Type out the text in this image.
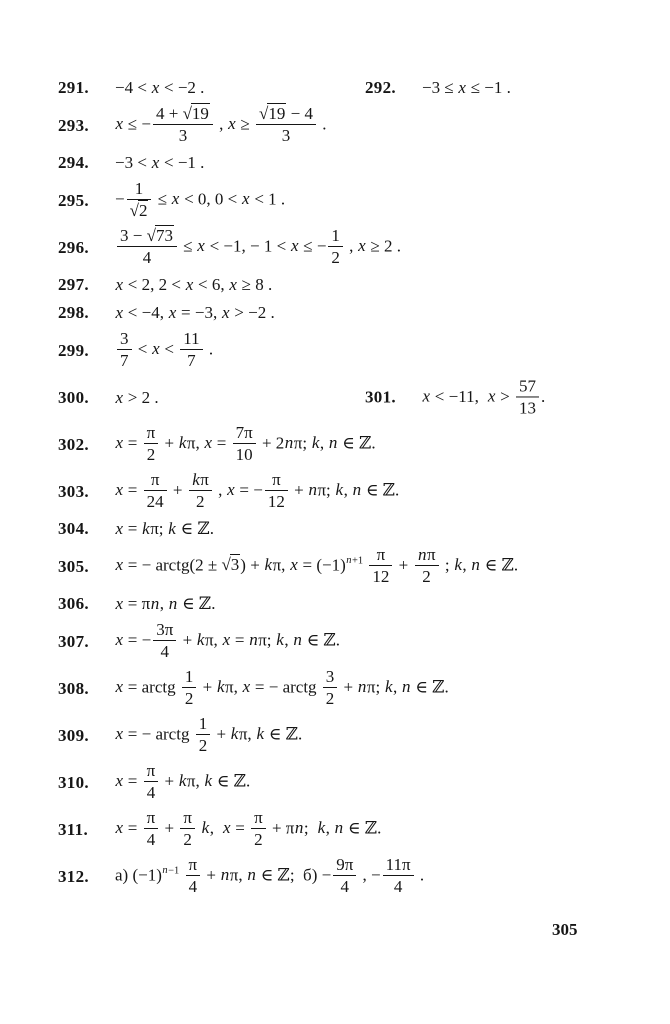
291.	−4 < x < −2 .	292.	−3 ≤ x ≤ −1 .
293.	x ≤ − $\frac{4 + √19}{3}$ , $x \ge \frac{√19 - 4}{3}$ .
294.	−3 < x < −1 .
295.	− $\frac{1}{√2} \le x < 0$, 0 < x < 1 .
296.	$\frac{3 - √73}{4} \le x < -1$, − 1 < x ≤ − $\frac{1}{2}$ , x ≥ 2 .
297.	x < 2, 2 < x < 6, x ≥ 8 .
298.	x < −4, x = −3, x > −2 .
299.	$\frac{3}{7} < x < \frac{11}{7}$ .
300.	x > 2 .	301.	x < −11, $x > \frac{57}{13}$ .
302.	$x = \frac{\pi}{2} + k\pi$, $x = \frac{7\pi}{10} + 2n\pi$; k, n ∈ ℤ.
303.	$x = \frac{\pi}{24} + \frac{k\pi}{2}$ , x = − $\frac{\pi}{12} + n\pi$; k, n ∈ ℤ.
304.	x = kπ; k ∈ ℤ.
305.	x = − arctg(2 ± √3) + kπ, $x = (-1)^{n+1} \frac{\pi}{12} + \frac{n\pi}{2}$ ; k, n ∈ ℤ.
306.	x = πn, n ∈ ℤ.
307.	x = − $\frac{3\pi}{4} + k\pi$, x = nπ; k, n ∈ ℤ.
308.	x = arctg $\frac{1}{2} + k\pi$, x = − arctg $\frac{3}{2} + n\pi$; k, n ∈ ℤ.
309.	x = − arctg $\frac{1}{2} + k\pi$, k ∈ ℤ.
310.	$x = \frac{\pi}{4} + k\pi$, k ∈ ℤ.
311.	$x = \frac{\pi}{4} + \frac{\pi}{2} k$, $x = \frac{\pi}{2} + \pi n$; k, n ∈ ℤ.
312.	а) $(-1)^{n-1} \frac{\pi}{4} + n\pi$, n ∈ ℤ; $б) - \frac{9\pi}{4}$ , − $\frac{11\pi}{4}$ .
305
